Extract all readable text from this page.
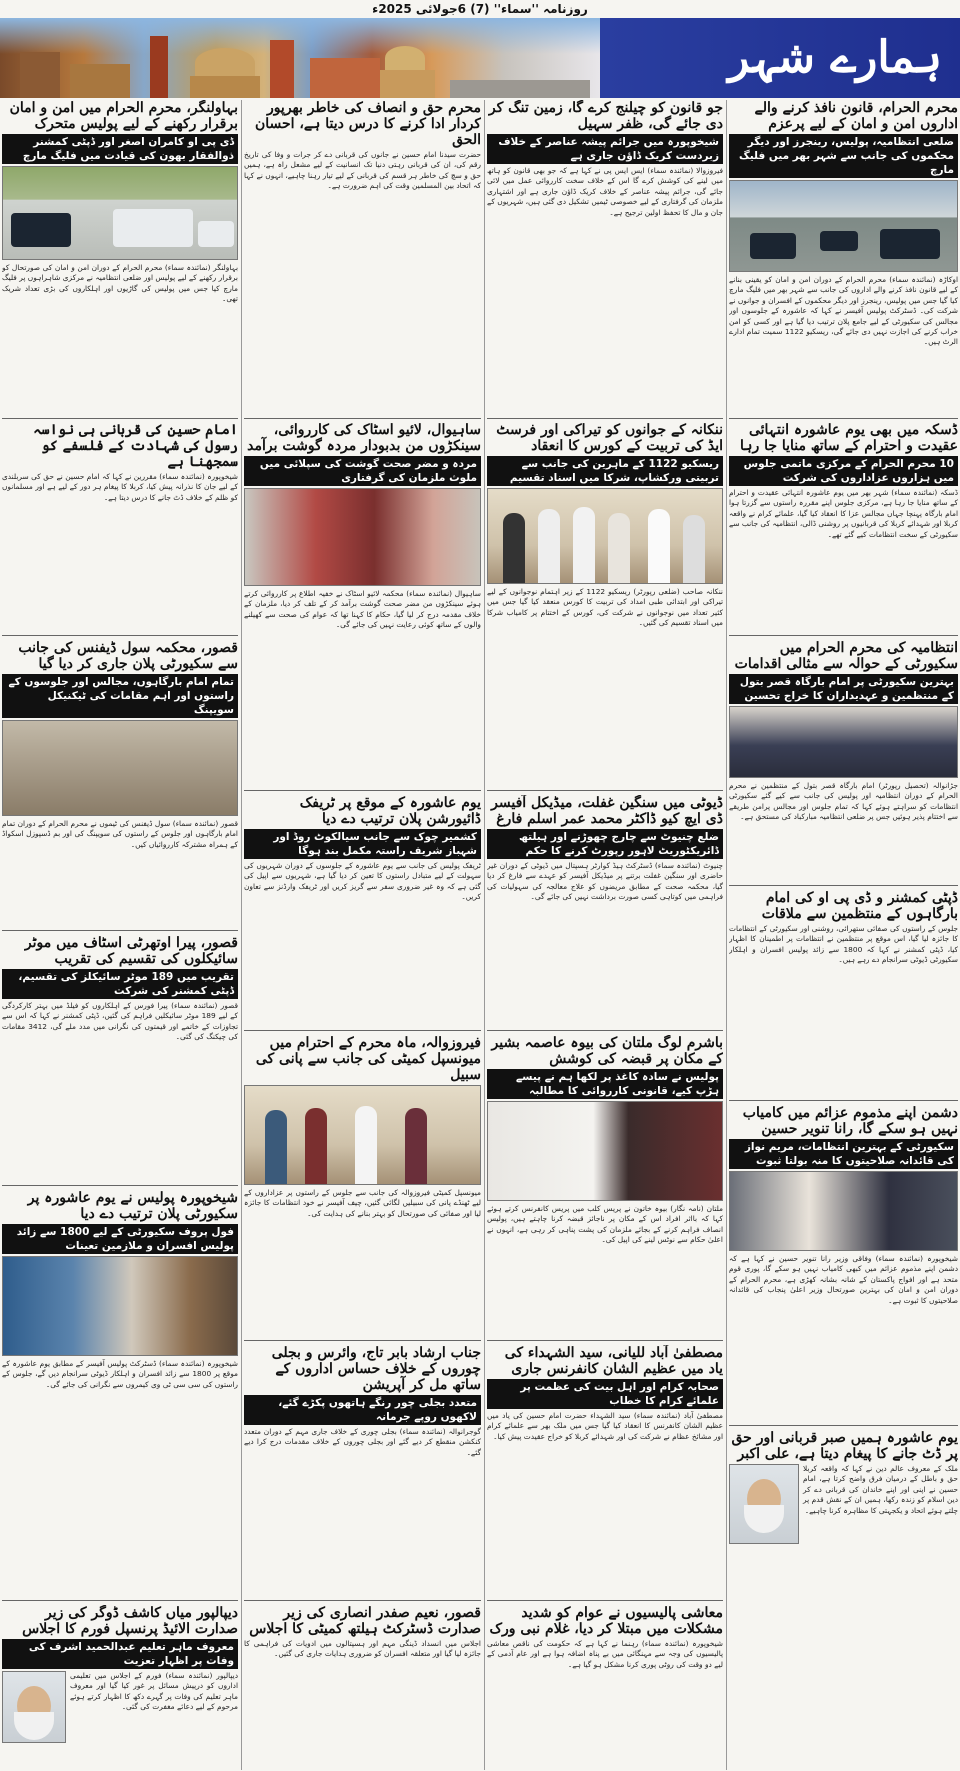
روزنامہ ''سماء'' (7) 6جولائی 2025ء
ہمارے شہر
محرم الحرام، قانون نافذ کرنے والے اداروں امن و امان کے لیے پرعزم
ضلعی انتظامیہ، پولیس، رینجرز اور دیگر محکموں کی جانب سے شہر بھر میں فلیگ مارچ
اوکاڑہ (نمائندہ سماء) محرم الحرام کے دوران امن و امان کو یقینی بنانے کے لیے قانون نافذ کرنے والے اداروں کی جانب سے شہر بھر میں فلیگ مارچ کیا گیا جس میں پولیس، رینجرز اور دیگر محکموں کے افسران و جوانوں نے شرکت کی۔ ڈسٹرکٹ پولیس آفیسر نے کہا کہ عاشورہ کے جلوسوں اور مجالس کی سکیورٹی کے لیے جامع پلان ترتیب دیا گیا ہے اور کسی کو امن خراب کرنے کی اجازت نہیں دی جائے گی، ریسکیو 1122 سمیت تمام ادارے الرٹ ہیں۔
ڈسکہ میں بھی یوم عاشورہ انتہائی عقیدت و احترام کے ساتھ منایا جا رہا
10 محرم الحرام کے مرکزی ماتمی جلوس میں ہزاروں عزاداروں کی شرکت
ڈسکہ (نمائندہ سماء) شہر بھر میں یوم عاشورہ انتہائی عقیدت و احترام کے ساتھ منایا جا رہا ہے، مرکزی جلوس اپنے مقررہ راستوں سے گزرتا ہوا امام بارگاہ پہنچا جہاں مجالس عزا کا انعقاد کیا گیا، علمائے کرام نے واقعہ کربلا اور شہدائے کربلا کی قربانیوں پر روشنی ڈالی، انتظامیہ کی جانب سے سکیورٹی کے سخت انتظامات کیے گئے تھے۔
انتظامیہ کی محرم الحرام میں سکیورٹی کے حوالہ سے مثالی اقدامات
بہترین سکیورٹی پر امام بارگاہ قصر بتول کے منتظمین و عہدیداران کا خراج تحسین
جڑانوالہ (تحصیل رپورٹر) امام بارگاہ قصر بتول کے منتظمین نے محرم الحرام کے دوران انتظامیہ اور پولیس کی جانب سے کیے گئے سکیورٹی انتظامات کو سراہتے ہوئے کہا کہ تمام جلوس اور مجالس پرامن طریقے سے اختتام پذیر ہوئیں جس پر ضلعی انتظامیہ مبارکباد کی مستحق ہے۔
ڈپٹی کمشنر و ڈی پی او کی امام بارگاہوں کے منتظمین سے ملاقات
جلوس کے راستوں کی صفائی ستھرائی، روشنی اور سکیورٹی کے انتظامات کا جائزہ لیا گیا، اس موقع پر منتظمین نے انتظامات پر اطمینان کا اظہار کیا، ڈپٹی کمشنر نے کہا کہ 1800 سے زائد پولیس افسران و اہلکار سکیورٹی ڈیوٹی سرانجام دے رہے ہیں۔
دشمن اپنے مذموم عزائم میں کامیاب نہیں ہو سکے گا، رانا تنویر حسین
سکیورٹی کے بہترین انتظامات، مریم نواز کی قائدانہ صلاحیتوں کا منہ بولتا ثبوت
شیخوپورہ (نمائندہ سماء) وفاقی وزیر رانا تنویر حسین نے کہا ہے کہ دشمن اپنے مذموم عزائم میں کبھی کامیاب نہیں ہو سکے گا، پوری قوم متحد ہے اور افواج پاکستان کے شانہ بشانہ کھڑی ہے، محرم الحرام کے دوران امن و امان کی بہترین صورتحال وزیر اعلیٰ پنجاب کی قائدانہ صلاحیتوں کا ثبوت ہے۔
یوم عاشورہ ہمیں صبر قربانی اور حق پر ڈٹ جانے کا پیغام دیتا ہے، علی اکبر
ملک کے معروف عالم دین نے کہا کہ واقعہ کربلا حق و باطل کے درمیان فرق واضح کرتا ہے، امام حسین نے اپنی اور اپنے خاندان کی قربانی دے کر دین اسلام کو زندہ رکھا، ہمیں ان کے نقش قدم پر چلتے ہوئے اتحاد و یکجہتی کا مظاہرہ کرنا چاہیے۔
جو قانون کو چیلنج کرے گا، زمین تنگ کر دی جائے گی، ظفر سہیل
شیخوپورہ میں جرائم پیشہ عناصر کے خلاف زبردست کریک ڈاؤن جاری ہے
فیروزوالا (نمائندہ سماء) ایس ایس پی نے کہا ہے کہ جو بھی قانون کو ہاتھ میں لینے کی کوشش کرے گا اس کے خلاف سخت کارروائی عمل میں لائی جائے گی، جرائم پیشہ عناصر کے خلاف کریک ڈاؤن جاری ہے اور اشتہاری ملزمان کی گرفتاری کے لیے خصوصی ٹیمیں تشکیل دی گئی ہیں، شہریوں کے جان و مال کا تحفظ اولین ترجیح ہے۔
ننکانہ کے جوانوں کو تیراکی اور فرسٹ ایڈ کی تربیت کے کورس کا انعقاد
ریسکیو 1122 کے ماہرین کی جانب سے تربیتی ورکشاپ، شرکا میں اسناد تقسیم
ننکانہ صاحب (ضلعی رپورٹر) ریسکیو 1122 کے زیر اہتمام نوجوانوں کے لیے تیراکی اور ابتدائی طبی امداد کی تربیت کا کورس منعقد کیا گیا جس میں کثیر تعداد میں نوجوانوں نے شرکت کی، کورس کے اختتام پر کامیاب شرکا میں اسناد تقسیم کی گئیں۔
ڈیوٹی میں سنگین غفلت، میڈیکل آفیسر ڈی ایچ کیو ڈاکٹر محمد عمر اسلم فارغ
ضلع چنیوٹ سے چارج چھوڑنے اور ہیلتھ ڈائریکٹوریٹ لاہور رپورٹ کرنے کا حکم
چنیوٹ (نمائندہ سماء) ڈسٹرکٹ ہیڈ کوارٹر ہسپتال میں ڈیوٹی کے دوران غیر حاضری اور سنگین غفلت برتنے پر میڈیکل آفیسر کو عہدے سے فارغ کر دیا گیا، محکمہ صحت کے مطابق مریضوں کو علاج معالجہ کی سہولیات کی فراہمی میں کوتاہی کسی صورت برداشت نہیں کی جائے گی۔
باشرم لوگ ملتان کی بیوہ عاصمہ بشیر کے مکان پر قبضہ کی کوشش
پولیس نے سادہ کاغذ پر لکھا ہم نے پیسے ہڑپ کیے، قانونی کارروائی کا مطالبہ
ملتان (نامہ نگار) بیوہ خاتون نے پریس کلب میں پریس کانفرنس کرتے ہوئے کہا کہ بااثر افراد اس کے مکان پر ناجائز قبضہ کرنا چاہتے ہیں، پولیس انصاف فراہم کرنے کے بجائے ملزمان کی پشت پناہی کر رہی ہے، انہوں نے اعلیٰ حکام سے نوٹس لینے کی اپیل کی۔
مصطفیٰ آباد للیانی، سید الشہداء کی یاد میں عظیم الشان کانفرنس جاری
صحابہ کرام اور اہل بیت کی عظمت پر علمائے کرام کا خطاب
مصطفیٰ آباد (نمائندہ سماء) سید الشہداء حضرت امام حسین کی یاد میں عظیم الشان کانفرنس کا انعقاد کیا گیا جس میں ملک بھر سے علمائے کرام اور مشائخ عظام نے شرکت کی اور شہدائے کربلا کو خراج عقیدت پیش کیا۔
معاشی پالیسیوں نے عوام کو شدید مشکلات میں مبتلا کر دیا، غلام نبی ورک
شیخوپورہ (نمائندہ سماء) رہنما نے کہا ہے کہ حکومت کی ناقص معاشی پالیسیوں کی وجہ سے مہنگائی میں بے پناہ اضافہ ہوا ہے اور عام آدمی کے لیے دو وقت کی روٹی پوری کرنا مشکل ہو گیا ہے۔
محرم حق و انصاف کی خاطر بھرپور کردار ادا کرنے کا درس دیتا ہے، احسان الحق
حضرت سیدنا امام حسین نے جانوں کی قربانی دے کر جرات و وفا کی تاریخ رقم کی، ان کی قربانی رہتی دنیا تک انسانیت کے لیے مشعل راہ ہے، ہمیں حق و سچ کی خاطر ہر قسم کی قربانی کے لیے تیار رہنا چاہیے، انہوں نے کہا کہ اتحاد بین المسلمین وقت کی اہم ضرورت ہے۔
ساہیوال، لائیو اسٹاک کی کارروائی، سینکڑوں من بدبودار مردہ گوشت برآمد
مردہ و مضر صحت گوشت کی سپلائی میں ملوث ملزمان کی گرفتاری
ساہیوال (نمائندہ سماء) محکمہ لائیو اسٹاک نے خفیہ اطلاع پر کارروائی کرتے ہوئے سینکڑوں من مضر صحت گوشت برآمد کر کے تلف کر دیا، ملزمان کے خلاف مقدمہ درج کر لیا گیا، حکام کا کہنا تھا کہ عوام کی صحت سے کھیلنے والوں کے ساتھ کوئی رعایت نہیں کی جائے گی۔
یوم عاشورہ کے موقع پر ٹریفک ڈائیورشن پلان ترتیب دے دیا
کشمیر چوک سے جانب سیالکوٹ روڈ اور شہباز شریف راستہ مکمل بند ہوگا
ٹریفک پولیس کی جانب سے یوم عاشورہ کے جلوسوں کے دوران شہریوں کی سہولت کے لیے متبادل راستوں کا تعین کر دیا گیا ہے، شہریوں سے اپیل کی گئی ہے کہ وہ غیر ضروری سفر سے گریز کریں اور ٹریفک وارڈنز سے تعاون کریں۔
فیروزوالہ، ماہ محرم کے احترام میں میونسپل کمیٹی کی جانب سے پانی کی سبیل
میونسپل کمیٹی فیروزوالہ کی جانب سے جلوس کے راستوں پر عزاداروں کے لیے ٹھنڈے پانی کی سبیلیں لگائی گئیں، چیف آفیسر نے خود انتظامات کا جائزہ لیا اور صفائی کی صورتحال کو بہتر بنانے کی ہدایت کی۔
جناب ارشاد بابر تاج، وائرس و بجلی چوروں کے خلاف حساس اداروں کے ساتھ مل کر آپریشن
متعدد بجلی چور رنگے ہاتھوں پکڑے گئے، لاکھوں روپے جرمانہ
گوجرانوالہ (نمائندہ سماء) بجلی چوری کے خلاف جاری مہم کے دوران متعدد کنکشن منقطع کر دیے گئے اور بجلی چوروں کے خلاف مقدمات درج کرا دیے گئے۔
قصور، نعیم صفدر انصاری کی زیر صدارت ڈسٹرکٹ ہیلتھ کمیٹی کا اجلاس
اجلاس میں انسداد ڈینگی مہم اور ہسپتالوں میں ادویات کی فراہمی کا جائزہ لیا گیا اور متعلقہ افسران کو ضروری ہدایات جاری کی گئیں۔
بہاولنگر، محرم الحرام میں امن و امان برقرار رکھنے کے لیے پولیس متحرک
ڈی پی او کامران اصغر اور ڈپٹی کمشنر ذوالفقار بھون کی قیادت میں فلیگ مارچ
بہاولنگر (نمائندہ سماء) محرم الحرام کے دوران امن و امان کی صورتحال کو برقرار رکھنے کے لیے پولیس اور ضلعی انتظامیہ نے مرکزی شاہراہوں پر فلیگ مارچ کیا جس میں پولیس کی گاڑیوں اور اہلکاروں کی بڑی تعداد شریک تھی۔
امام حسین کی قربانی ہی نواسہ رسول کی شہادت کے فلسفے کو سمجھنا ہے
شیخوپورہ (نمائندہ سماء) مقررین نے کہا کہ امام حسین نے حق کی سربلندی کے لیے جان کا نذرانہ پیش کیا، کربلا کا پیغام ہر دور کے لیے ہے اور مسلمانوں کو ظلم کے خلاف ڈٹ جانے کا درس دیتا ہے۔
قصور، محکمہ سول ڈیفنس کی جانب سے سکیورٹی پلان جاری کر دیا گیا
تمام امام بارگاہوں، مجالس اور جلوسوں کے راستوں اور اہم مقامات کی ٹیکنیکل سویپنگ
قصور (نمائندہ سماء) سول ڈیفنس کی ٹیموں نے محرم الحرام کے دوران تمام امام بارگاہوں اور جلوس کے راستوں کی سویپنگ کی اور بم ڈسپوزل اسکواڈ کے ہمراہ مشترکہ کارروائیاں کیں۔
قصور، پیرا اوتھرٹی اسٹاف میں موٹر سائیکلوں کی تقسیم کی تقریب
تقریب میں 189 موٹر سائیکلز کی تقسیم، ڈپٹی کمشنر کی شرکت
قصور (نمائندہ سماء) پیرا فورس کے اہلکاروں کو فیلڈ میں بہتر کارکردگی کے لیے 189 موٹر سائیکلیں فراہم کی گئیں، ڈپٹی کمشنر نے کہا کہ اس سے تجاوزات کے خاتمے اور قیمتوں کی نگرانی میں مدد ملے گی، 3412 مقامات کی چیکنگ کی گئی۔
شیخوپورہ پولیس نے یوم عاشورہ پر سکیورٹی پلان ترتیب دے دیا
فول پروف سکیورٹی کے لیے 1800 سے زائد پولیس افسران و ملازمین تعینات
شیخوپورہ (نمائندہ سماء) ڈسٹرکٹ پولیس آفیسر کے مطابق یوم عاشورہ کے موقع پر 1800 سے زائد افسران و اہلکار ڈیوٹی سرانجام دیں گے، جلوس کے راستوں کی سی سی ٹی وی کیمروں سے نگرانی کی جائے گی۔
دیپالپور میاں کاشف ڈوگر کی زیر صدارت الائیڈ پرنسپل فورم کا اجلاس
معروف ماہر تعلیم عبدالحمید اشرف کی وفات پر اظہار تعزیت
دیپالپور (نمائندہ سماء) فورم کے اجلاس میں تعلیمی اداروں کو درپیش مسائل پر غور کیا گیا اور معروف ماہر تعلیم کی وفات پر گہرے دکھ کا اظہار کرتے ہوئے مرحوم کے لیے دعائے مغفرت کی گئی۔
